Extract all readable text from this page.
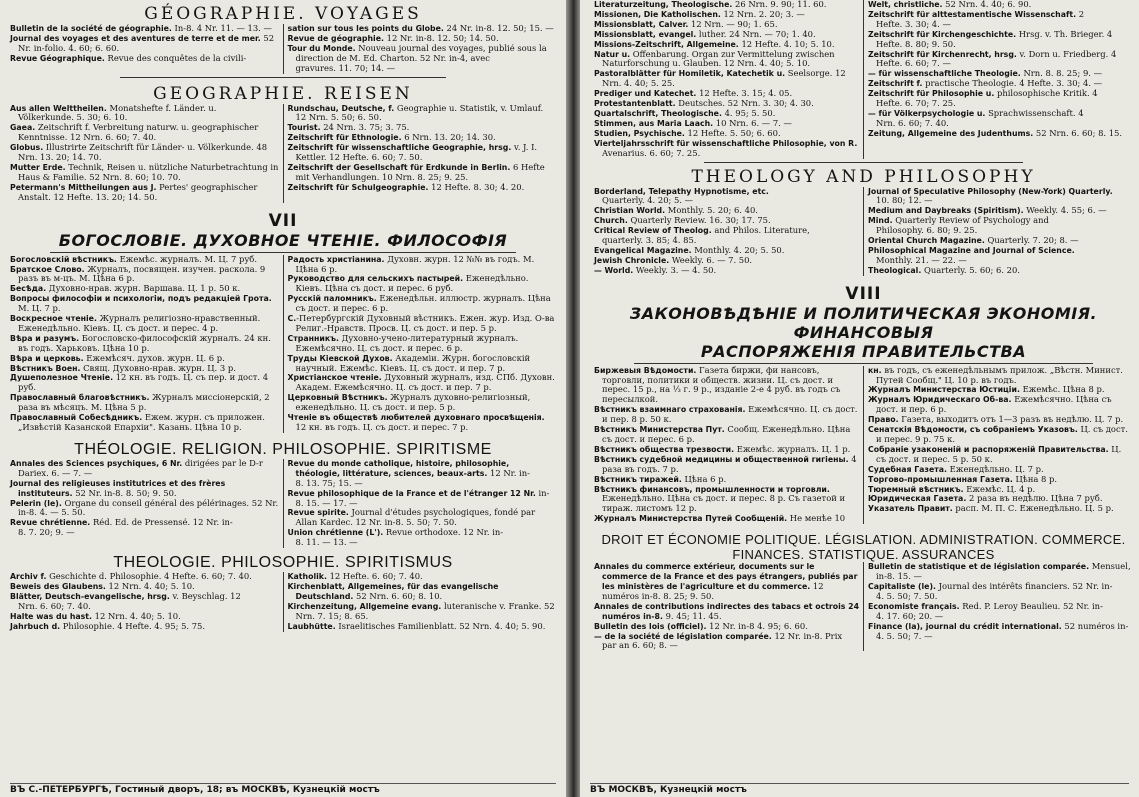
GÉOGRAPHIE. VOYAGES

Bulletin de la société de géographie. In-8. 4 Nr. 11. — 13. —

Journal des voyages et des aventures de terre et de mer. 52 Nr. in-folio. 4. 60; 6. 60.

Revue Géographique. Revue des conquêtes de la civili-

sation sur tous les points du Globe. 24 Nr. in-8. 12. 50; 15. —

Revue de géographie. 12 Nr. in-8. 12. 50; 14. 50.

Tour du Monde. Nouveau journal des voyages, publié sous la direction de M. Ed. Charton. 52 Nr. in-4, avec gravures. 11. 70; 14. —

GEOGRAPHIE. REISEN

Aus allen Welttheilen. Monatshefte f. Länder. u. Völkerkunde. 5. 30; 6. 10.

Gaea. Zeitschrift f. Verbreitung naturw. u. geographischer Kenntnisse. 12 Nrn. 6. 60; 7. 40.

Globus. Illustrirte Zeitschrift für Länder- u. Völkerkunde. 48 Nrn. 13. 20; 14. 70.

Mutter Erde. Technik, Reisen u. nützliche Naturbetrachtung in Haus & Familie. 52 Nrn. 8. 60; 10. 70.

Petermann's Mittheilungen aus J. Pertes' geographischer Anstalt. 12 Hefte. 13. 20; 14. 50.

Rundschau, Deutsche, f. Geographie u. Statistik, v. Umlauf. 12 Nrn. 5. 50; 6. 50.

Tourist. 24 Nrn. 3. 75; 3. 75.

Zeitschrift für Ethnologie. 6 Nrn. 13. 20; 14. 30.

Zeitschrift für wissenschaftliche Geographie, hrsg. v. J. I. Kettler. 12 Hefte. 6. 60; 7. 50.

Zeitschrift der Gesellschaft für Erdkunde in Berlin. 6 Hefte mit Verhandlungen. 10 Nrn. 8. 25; 9. 25.

Zeitschrift für Schulgeographie. 12 Hefte. 8. 30; 4. 20.

VII
БОГОСЛОВIЕ. ДУХОВНОЕ ЧТЕНIЕ. ФИЛОСОФIЯ

Богословскiй вѣстникъ. Ежемѣс. журналъ. М. Ц. 7 руб.

Братское Слово. Журналъ, посвящен. изучен. раскола. 9 разъ въ м-цъ. М. Цѣна 6 р.

Бесѣда. Духовно-нрав. журн. Варшава. Ц. 1 р. 50 к.

Вопросы философiи и психологiи, подъ редакцiей Грота. М. Ц. 7 р.

Воскресное чтенiе. Журналъ религiозно-нравственный. Еженедѣльно. Кiевъ. Ц. съ дост. и перес. 4 р.

Вѣра и разумъ. Богословско-философскiй журналъ. 24 кн. въ годъ. Харьковъ. Цѣна 10 р.

Вѣра и церковь. Ежемѣсяч. духов. журн. Ц. 6 р.

Вѣстникъ Воен. Свящ. Духовно-нрав. журн. Ц. 3 р.

Душеполезное Чтенiе. 12 кн. въ годъ. Ц. съ пер. и дост. 4 руб.

Православный благовѣстникъ. Журналъ миссiонерскiй, 2 раза въ мѣсяцъ. М. Цѣна 5 р.

Православный Собесѣдникъ. Ежем. журн. съ приложен. „Извѣстiй Казанской Епархiи". Казань. Цѣна 10 р.

Радость христiанина. Духовн. журн. 12 №№ въ годъ. М. Цѣна 6 р.

Руководство для сельскихъ пастырей. Еженедѣльно. Кiевъ. Цѣна съ дост. и перес. 6 руб.

Русскiй паломникъ. Еженедѣльн. иллюстр. журналъ. Цѣна съ дост. и перес. 6 р.

С.-Петербургскiй Духовный вѣстникъ. Ежен. жур. Изд. О-ва Религ.-Нравств. Просв. Ц. съ дост. и пер. 5 р.

Странникъ. Духовно-учено-литературный журналъ. Ежемѣсячно. Ц. съ дост. и перес. 6 р.

Труды Кiевской Духов. Академiи. Журн. богословскiй научный. Ежемѣс. Кiевъ. Ц. съ дост. и пер. 7 р.

Христiанское чтенiе. Духовный журналъ, изд. СПб. Духовн. Академ. Ежемѣсячно. Ц. съ дост. и пер. 7 р.

Церковный Вѣстникъ. Журналъ духовно-религiозный, еженедѣльно. Ц. съ дост. и пер. 5 р.

Чтенiе въ обществѣ любителей духовнаго просвѣщенiя. 12 кн. въ годъ. Ц. съ дост. и перес. 7 р.

THÉOLOGIE. RELIGION. PHILOSOPHIE. SPIRITISME

Annales des Sciences psychiques, 6 Nr. dirigées par le D-r Dariex. 6. — 7. —

Journal des religieuses institutrices et des frères instituteurs. 52 Nr. in-8. 8. 50; 9. 50.

Pelerin (le). Organe du conseil général des pélérinages. 52 Nr. in-8. 4. — 5. 50.

Revue chrétienne. Réd. Ed. de Pressensé. 12 Nr. in-8. 7. 20; 9. —

Revue du monde catholique, histoire, philosophie, théologie, littérature, sciences, beaux-arts. 12 Nr. in-8. 13. 75; 15. —

Revue philosophique de la France et de l'étranger 12 Nr. in-8. 15. — 17. —

Revue spirite. Journal d'études psychologiques, fondé par Allan Kardec. 12 Nr. in-8. 5. 50; 7. 50.

Union chrétienne (L'). Revue orthodoxe. 12 Nr. in-8. 11. — 13. —

THEOLOGIE. PHILOSOPHIE. SPIRITISMUS

Archiv f. Geschichte d. Philosophie. 4 Hefte. 6. 60; 7. 40.

Beweis des Glaubens. 12 Nrn. 4. 40; 5. 10.

Blätter, Deutsch-evangelische, hrsg. v. Beyschlag. 12 Nrn. 6. 60; 7. 40.

Halte was du hast. 12 Nrn. 4. 40; 5. 10.

Jahrbuch d. Philosophie. 4 Hefte. 4. 95; 5. 75.

Katholik. 12 Hefte. 6. 60; 7. 40.

Kirchenblatt, Allgemeines, für das evangelische Deutschland. 52 Nrn. 6. 60; 8. 10.

Kirchenzeitung, Allgemeine evang. luteranische v. Franke. 52 Nrn. 7. 15; 8. 65.

Laubhütte. Israelitisches Familienblatt. 52 Nrn. 4. 40; 5. 90.

ВЪ С.-ПЕТЕРБУРГѢ, Гостиный дворъ, 18; въ МОСКВѢ, Кузнецкiй мостъ

Literaturzeitung, Theologische. 26 Nrn. 9. 90; 11. 60.

Missionen, Die Katholischen. 12 Nrn. 2. 20; 3. —

Missionsblatt, Calver. 12 Nrn. — 90; 1. 65.

Missionsblatt, evangel. luther. 24 Nrn. — 70; 1. 40.

Missions-Zeitschrift, Allgemeine. 12 Hefte. 4. 10; 5. 10.

Natur u. Offenbarung. Organ zur Vermittelung zwischen Naturforschung u. Glauben. 12 Nrn. 4. 40; 5. 10.

Pastoralblätter für Homiletik, Katechetik u. Seelsorge. 12 Nrn. 4. 40; 5. 25.

Prediger und Katechet. 12 Hefte. 3. 15; 4. 05.

Protestantenblatt. Deutsches. 52 Nrn. 3. 30; 4. 30.

Quartalschrift, Theologische. 4. 95; 5. 50.

Stimmen, aus Maria Laach. 10 Nrn. 6. — 7. —

Studien, Psychische. 12 Hefte. 5. 50; 6. 60.

Vierteljahrsschrift für wissenschaftliche Philosophie, von R. Avenarius. 6. 60; 7. 25.

Welt, christliche. 52 Nrn. 4. 40; 6. 90.

Zeitschrift für alttestamentische Wissenschaft. 2 Hefte. 3. 30; 4. —

Zeitschrift für Kirchengeschichte. Hrsg. v. Th. Brieger. 4 Hefte. 8. 80; 9. 50.

Zeitschrift für Kirchenrecht, hrsg. v. Dorn u. Friedberg. 4 Hefte. 6. 60; 7. —

— für wissenschaftliche Theologie. Nrn. 8. 8. 25; 9. —

Zeitschrift f. practische Theologie. 4 Hefte. 3. 30; 4. —

Zeitschrift für Philosophie u. philosophische Kritik. 4 Hefte. 6. 70; 7. 25.

— für Völkerpsychologie u. Sprachwissenschaft. 4 Nrn. 6. 60; 7. 40.

Zeitung, Allgemeine des Judenthums. 52 Nrn. 6. 60; 8. 15.

THEOLOGY AND PHILOSOPHY

Borderland, Telepathy Hypnotisme, etc. Quarterly. 4. 20; 5. —

Christian World. Monthly. 5. 20; 6. 40.

Church. Quarterly Review. 16. 30; 17. 75.

Critical Review of Theolog. and Philos. Literature, quarterly. 3. 85; 4. 85.

Evangelical Magazine. Monthly. 4. 20; 5. 50.

Jewish Chronicle. Weekly. 6. — 7. 50.

— World. Weekly. 3. — 4. 50.

Journal of Speculative Philosophy (New-York) Quarterly. 10. 80; 12. —

Medium and Daybreaks (Spiritism). Weekly. 4. 55; 6. —

Mind. Quarterly Review of Psychology and Philosophy. 6. 80; 9. 25.

Oriental Church Magazine. Quarterly. 7. 20; 8. —

Philosophical Magazine and Journal of Science. Monthly. 21. — 22. —

Theological. Quarterly. 5. 60; 6. 20.

VIII
ЗАКОНОВѢДѢНIЕ И ПОЛИТИЧЕСКАЯ ЭКОНОМIЯ. ФИНАНСОВЫЯ
РАСПОРЯЖЕНIЯ ПРАВИТЕЛЬСТВА

Биржевыя Вѣдомости. Газета биржи, фи нансовъ, торговли, политики и обществ. жизни. Ц. съ дост. и перес. 15 р., на ⅓ г. 9 р., изданiе 2-е 4 руб. въ годъ съ пересылкой.

Вѣстникъ взаимнаго страхованiя. Ежемѣсячно. Ц. съ дост. и пер. 8 р. 50 к.

Вѣстникъ Министерства Пут. Сообщ. Еженедѣльно. Цѣна съ дост. и перес. 6 р.

Вѣстникъ общества трезвости. Ежемѣс. журналъ. Ц. 1 р.

Вѣстникъ судебной медицины и общественной гигiены. 4 раза въ годъ. 7 р.

Вѣстникъ тиражей. Цѣна 6 р.

Вѣстникъ финансовъ, промышленности и торговли. Еженедѣльно. Цѣна съ дост. и перес. 8 р. Съ газетой и тираж. листомъ 12 р.

Журналъ Министерства Путей Сообщенiй. Не менѣе 10

кн. въ годъ, съ еженедѣльнымъ прилож. „Вѣстн. Минист. Путей Сообщ." Ц. 10 р. въ годъ.

Журналъ Министерства Юстицiи. Ежемѣс. Цѣна 8 р.

Журналъ Юридическаго Об-ва. Ежемѣсячно. Цѣна съ дост. и пер. 6 р.

Право. Газета, выходитъ отъ 1—3 разъ въ недѣлю. Ц. 7 р.

Сенатскiя Вѣдомости, съ собранiемъ Указовъ. Ц. съ дост. и перес. 9 р. 75 к.

Собранiе узаконенiй и распоряженiй Правительства. Ц. съ дост. и перес. 5 р. 50 к.

Судебная Газета. Еженедѣльно. Ц. 7 р.

Торгово-промышленная Газета. Цѣна 8 р.

Тюремный вѣстникъ. Ежемѣс. Ц. 4 р.

Юридическая Газета. 2 раза въ недѣлю. Цѣна 7 руб.

Указатель Правит. расп. М. П. С. Еженедѣльно. Ц. 5 р.

DROIT ET ÉCONOMIE POLITIQUE. LÉGISLATION. ADMINISTRATION. COMMERCE.
FINANCES. STATISTIQUE. ASSURANCES

Annales du commerce extérieur, documents sur le commerce de la France et des pays étrangers, publiés par les ministères de l'agriculture et du commerce. 12 numéros in-8. 8. 25; 9. 50.

Annales de contributions indirectes des tabacs et octrois 24 numéros in-8. 9. 45; 11. 45.

Bulletin des lois (officiel). 12 Nr. in-8 4. 95; 6. 60.

— de la société de législation comparée. 12 Nr. in-8. Prix par an 6. 60; 8. —

Bulletin de statistique et de législation comparée. Mensuel, in-8. 15. —

Capitaliste (le). Journal des intérêts financiers. 52 Nr. in-4. 5. 50; 7. 50.

Economiste français. Red. P. Leroy Beaulieu. 52 Nr. in-4. 17. 60; 20. —

Finance (la), journal du crédit international. 52 numéros in-4. 5. 50; 7. —

ВЪ МОСКВѢ, Кузнецкiй мостъ
